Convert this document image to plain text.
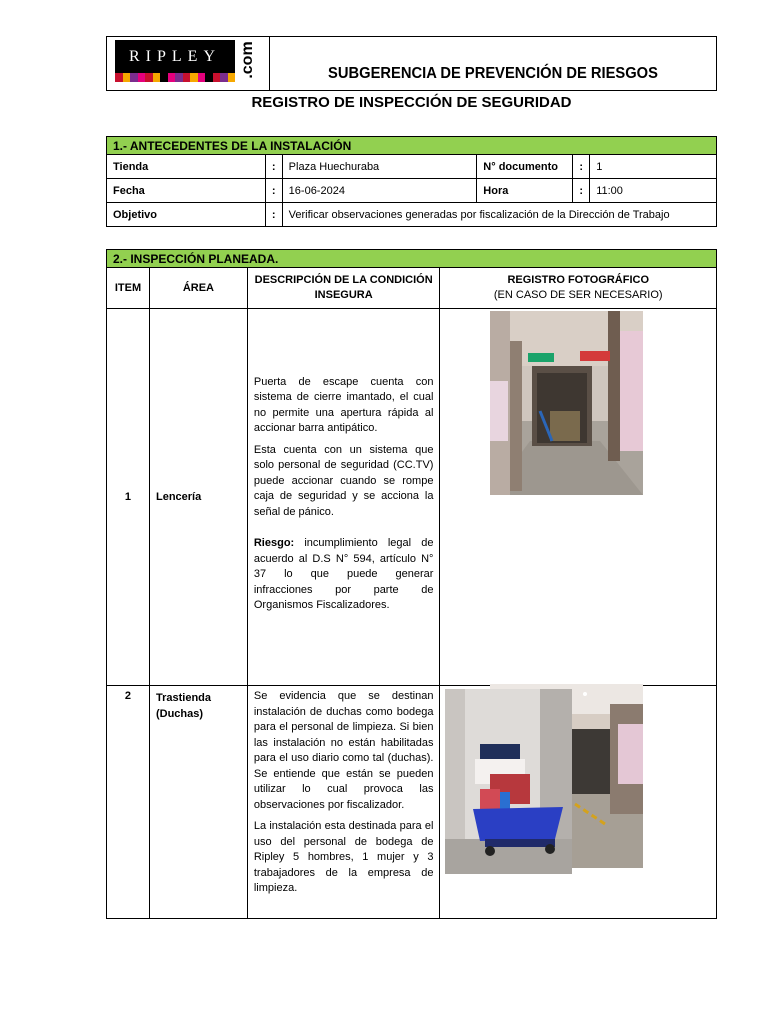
RIPLEY	.com	SUBGERENCIA DE PREVENCIÓN DE RIESGOS
REGISTRO DE INSPECCIÓN DE SEGURIDAD
1.- ANTECEDENTES DE LA INSTALACIÓN					
Tienda	:	Plaza Huechuraba	N° documento	:	1
Fecha	:	16-06-2024	Hora	:	11:00
Objetivo	:	Verificar observaciones generadas por fiscalización de la Dirección de Trabajo			
2.- INSPECCIÓN PLANEADA.			
ITEM	ÁREA	DESCRIPCIÓN DE LA CONDICIÓN INSEGURA	REGISTRO FOTOGRÁFICO
(EN CASO DE SER NECESARIO)

1	Lencería	Puerta de escape cuenta con sistema de cierre imantado, el cual no permite una apertura rápida al accionar barra antipático.

Esta cuenta con un sistema que solo personal de seguridad (CC.TV) puede accionar cuando se rompe caja de seguridad y se acciona la señal de pánico.

Riesgo: incumplimiento legal de acuerdo al D.S N° 594, artículo N° 37 lo que puede generar infracciones por parte de Organismos Fiscalizadores.

2	Trastienda (Duchas)	Se evidencia que se destinan instalación de duchas como bodega para el personal de limpieza. Si bien las instalación no están habilitadas para el uso diario como tal (duchas). Se entiende que están se pueden utilizar lo cual provoca las observaciones por fiscalizador.

La instalación esta destinada para el uso del personal de bodega de Ripley 5 hombres, 1 mujer y 3 trabajadores de la empresa de limpieza.
